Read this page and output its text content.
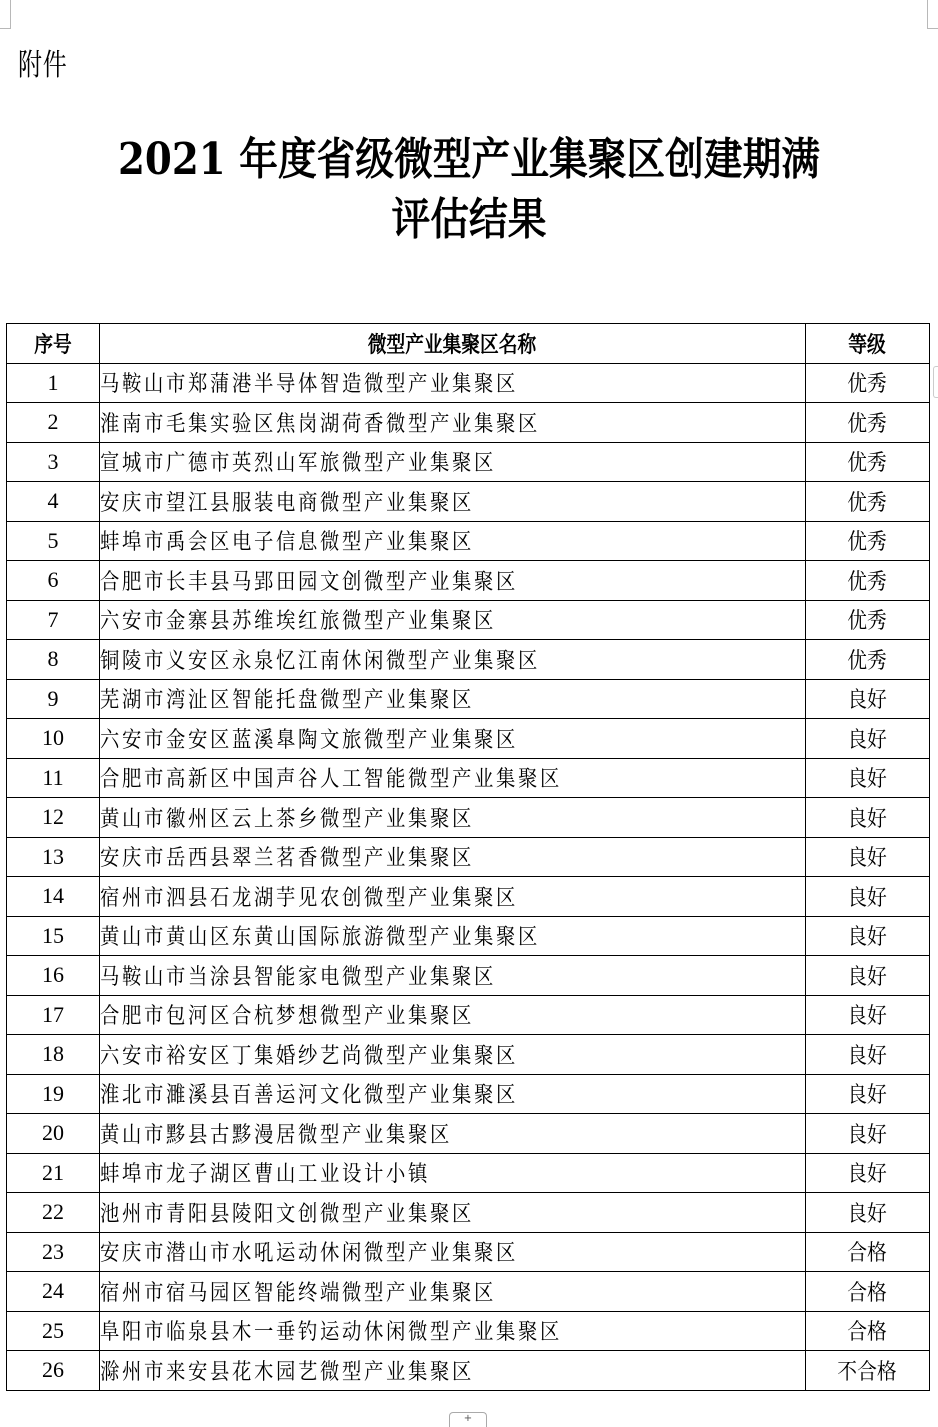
附件
2021 年度省级微型产业集聚区创建期满
评估结果
序号	微型产业集聚区名称	等级
1	马鞍山市郑蒲港半导体智造微型产业集聚区	优秀
2	淮南市毛集实验区焦岗湖荷香微型产业集聚区	优秀
3	宣城市广德市英烈山军旅微型产业集聚区	优秀
4	安庆市望江县服装电商微型产业集聚区	优秀
5	蚌埠市禹会区电子信息微型产业集聚区	优秀
6	合肥市长丰县马郢田园文创微型产业集聚区	优秀
7	六安市金寨县苏维埃红旅微型产业集聚区	优秀
8	铜陵市义安区永泉忆江南休闲微型产业集聚区	优秀
9	芜湖市湾沚区智能托盘微型产业集聚区	良好
10	六安市金安区蓝溪臯陶文旅微型产业集聚区	良好
11	合肥市高新区中国声谷人工智能微型产业集聚区	良好
12	黄山市徽州区云上茶乡微型产业集聚区	良好
13	安庆市岳西县翠兰茗香微型产业集聚区	良好
14	宿州市泗县石龙湖芋见农创微型产业集聚区	良好
15	黄山市黄山区东黄山国际旅游微型产业集聚区	良好
16	马鞍山市当涂县智能家电微型产业集聚区	良好
17	合肥市包河区合杭梦想微型产业集聚区	良好
18	六安市裕安区丁集婚纱艺尚微型产业集聚区	良好
19	淮北市濉溪县百善运河文化微型产业集聚区	良好
20	黄山市黟县古黟漫居微型产业集聚区	良好
21	蚌埠市龙子湖区曹山工业设计小镇	良好
22	池州市青阳县陵阳文创微型产业集聚区	良好
23	安庆市潜山市水吼运动休闲微型产业集聚区	合格
24	宿州市宿马园区智能终端微型产业集聚区	合格
25	阜阳市临泉县木一垂钓运动休闲微型产业集聚区	合格
26	滁州市来安县花木园艺微型产业集聚区	不合格
+
